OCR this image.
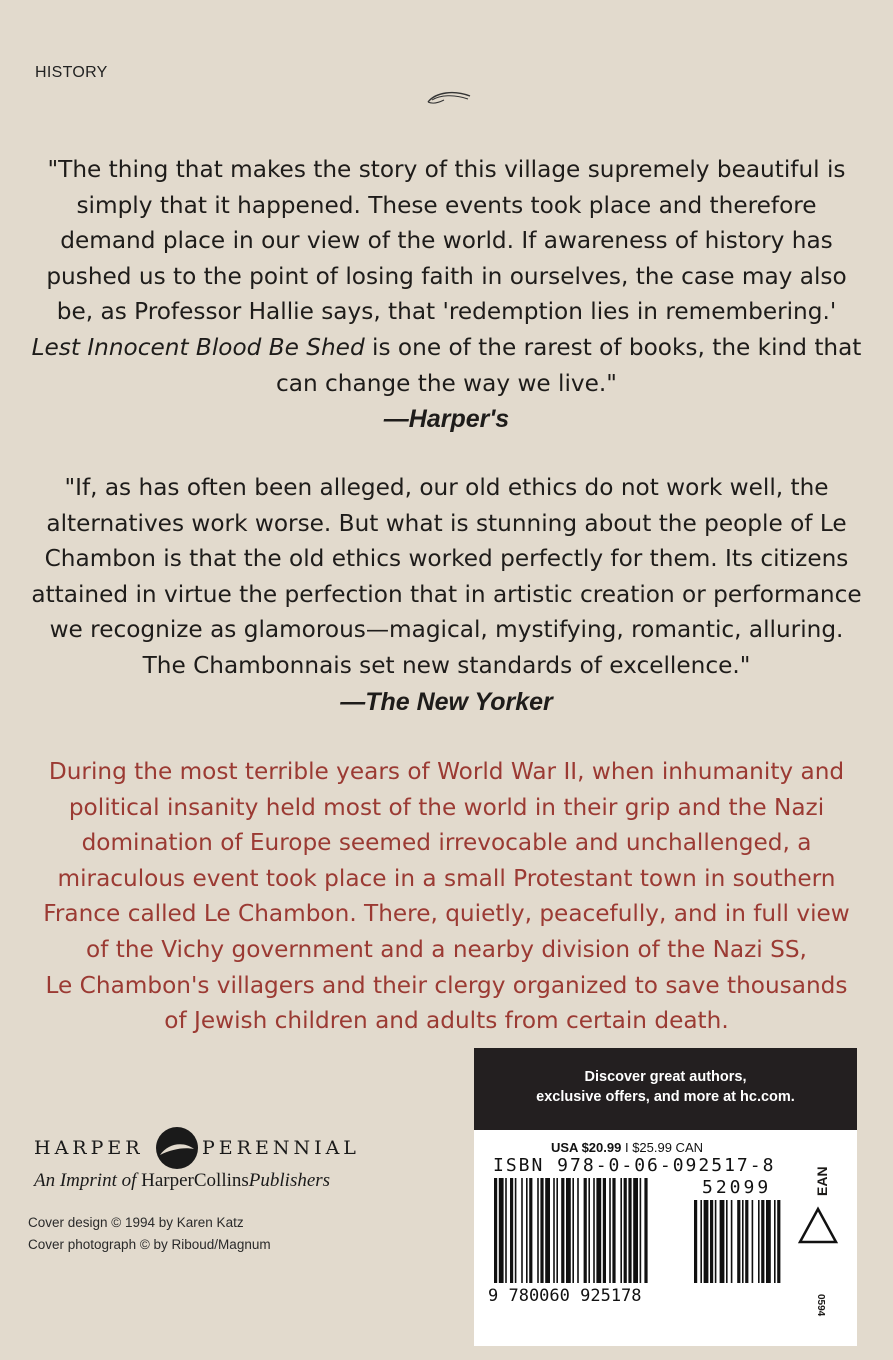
HISTORY
"The thing that makes the story of this village supremely beautiful is
simply that it happened. These events took place and therefore
demand place in our view of the world. If awareness of history has
pushed us to the point of losing faith in ourselves, the case may also
be, as Professor Hallie says, that 'redemption lies in remembering.'
Lest Innocent Blood Be Shed is one of the rarest of books, the kind that
can change the way we live."
—Harper's
"If, as has often been alleged, our old ethics do not work well, the
alternatives work worse. But what is stunning about the people of Le
Chambon is that the old ethics worked perfectly for them. Its citizens
attained in virtue the perfection that in artistic creation or performance
we recognize as glamorous—magical, mystifying, romantic, alluring.
The Chambonnais set new standards of excellence."
—The New Yorker
During the most terrible years of World War II, when inhumanity and
political insanity held most of the world in their grip and the Nazi
domination of Europe seemed irrevocable and unchallenged, a
miraculous event took place in a small Protestant town in southern
France called Le Chambon. There, quietly, peacefully, and in full view
of the Vichy government and a nearby division of the Nazi SS,
Le Chambon's villagers and their clergy organized to save thousands
of Jewish children and adults from certain death.
HARPER	PERENNIAL
An Imprint of HarperCollinsPublishers
Cover design © 1994 by Karen Katz
Cover photograph © by Riboud/Magnum
Discover great authors,
exclusive offers, and more at hc.com.
USA $20.99 I $25.99 CAN
ISBN 978-0-06-092517-8
52099	EAN
0594
9 780060 925178
